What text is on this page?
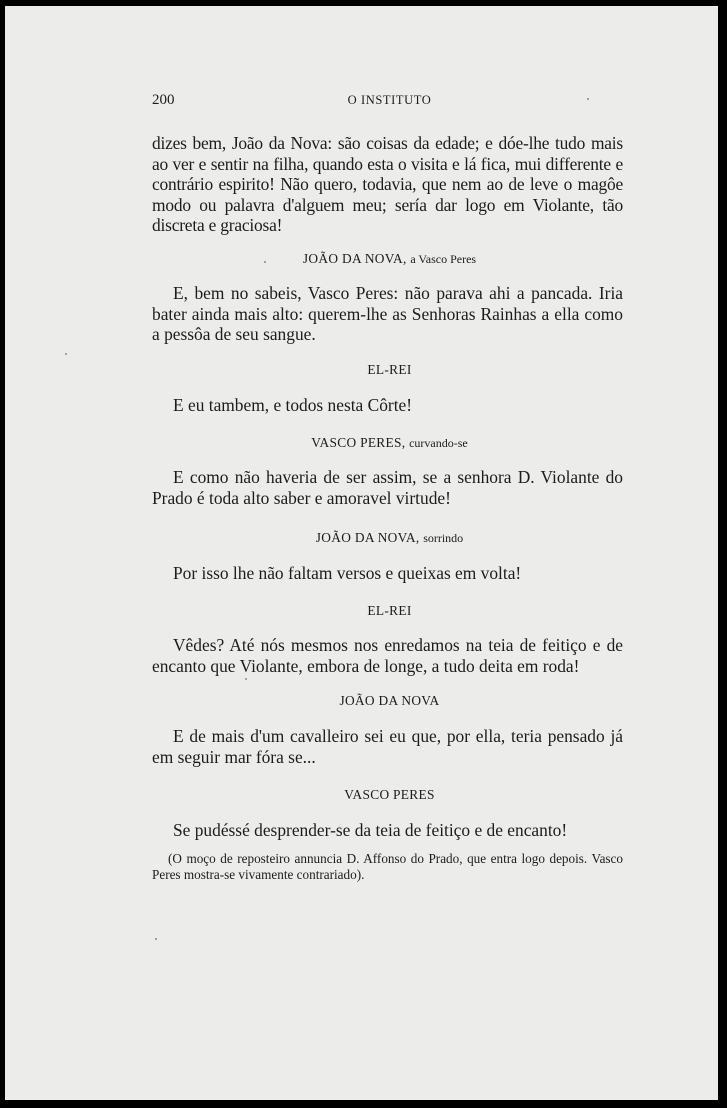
200	O INSTITUTO
dizes bem, João da Nova: são coisas da edade; e dóe-lhe tudo mais ao ver e sentir na filha, quando esta o visita e lá fica, mui differente e contrário espirito! Não quero, todavia, que nem ao de leve o magôe modo ou palavra d'alguem meu; sería dar logo em Violante, tão discreta e graciosa!
JOÃO DA NOVA, a Vasco Peres
E, bem no sabeis, Vasco Peres: não parava ahi a pancada. Iria bater ainda mais alto: querem-lhe as Senhoras Rainhas a ella como a pessôa de seu sangue.
EL-REI
E eu tambem, e todos nesta Côrte!
VASCO PERES, curvando-se
E como não haveria de ser assim, se a senhora D. Violante do Prado é toda alto saber e amoravel virtude!
JOÃO DA NOVA, sorrindo
Por isso lhe não faltam versos e queixas em volta!
EL-REI
Vêdes? Até nós mesmos nos enredamos na teia de feitiço e de encanto que Violante, embora de longe, a tudo deita em roda!
JOÃO DA NOVA
E de mais d'um cavalleiro sei eu que, por ella, teria pensado já em seguir mar fóra se...
VASCO PERES
Se pudéssé desprender-se da teia de feitiço e de encanto!
(O moço de reposteiro annuncia D. Affonso do Prado, que entra logo depois. Vasco Peres mostra-se vivamente contrariado).
